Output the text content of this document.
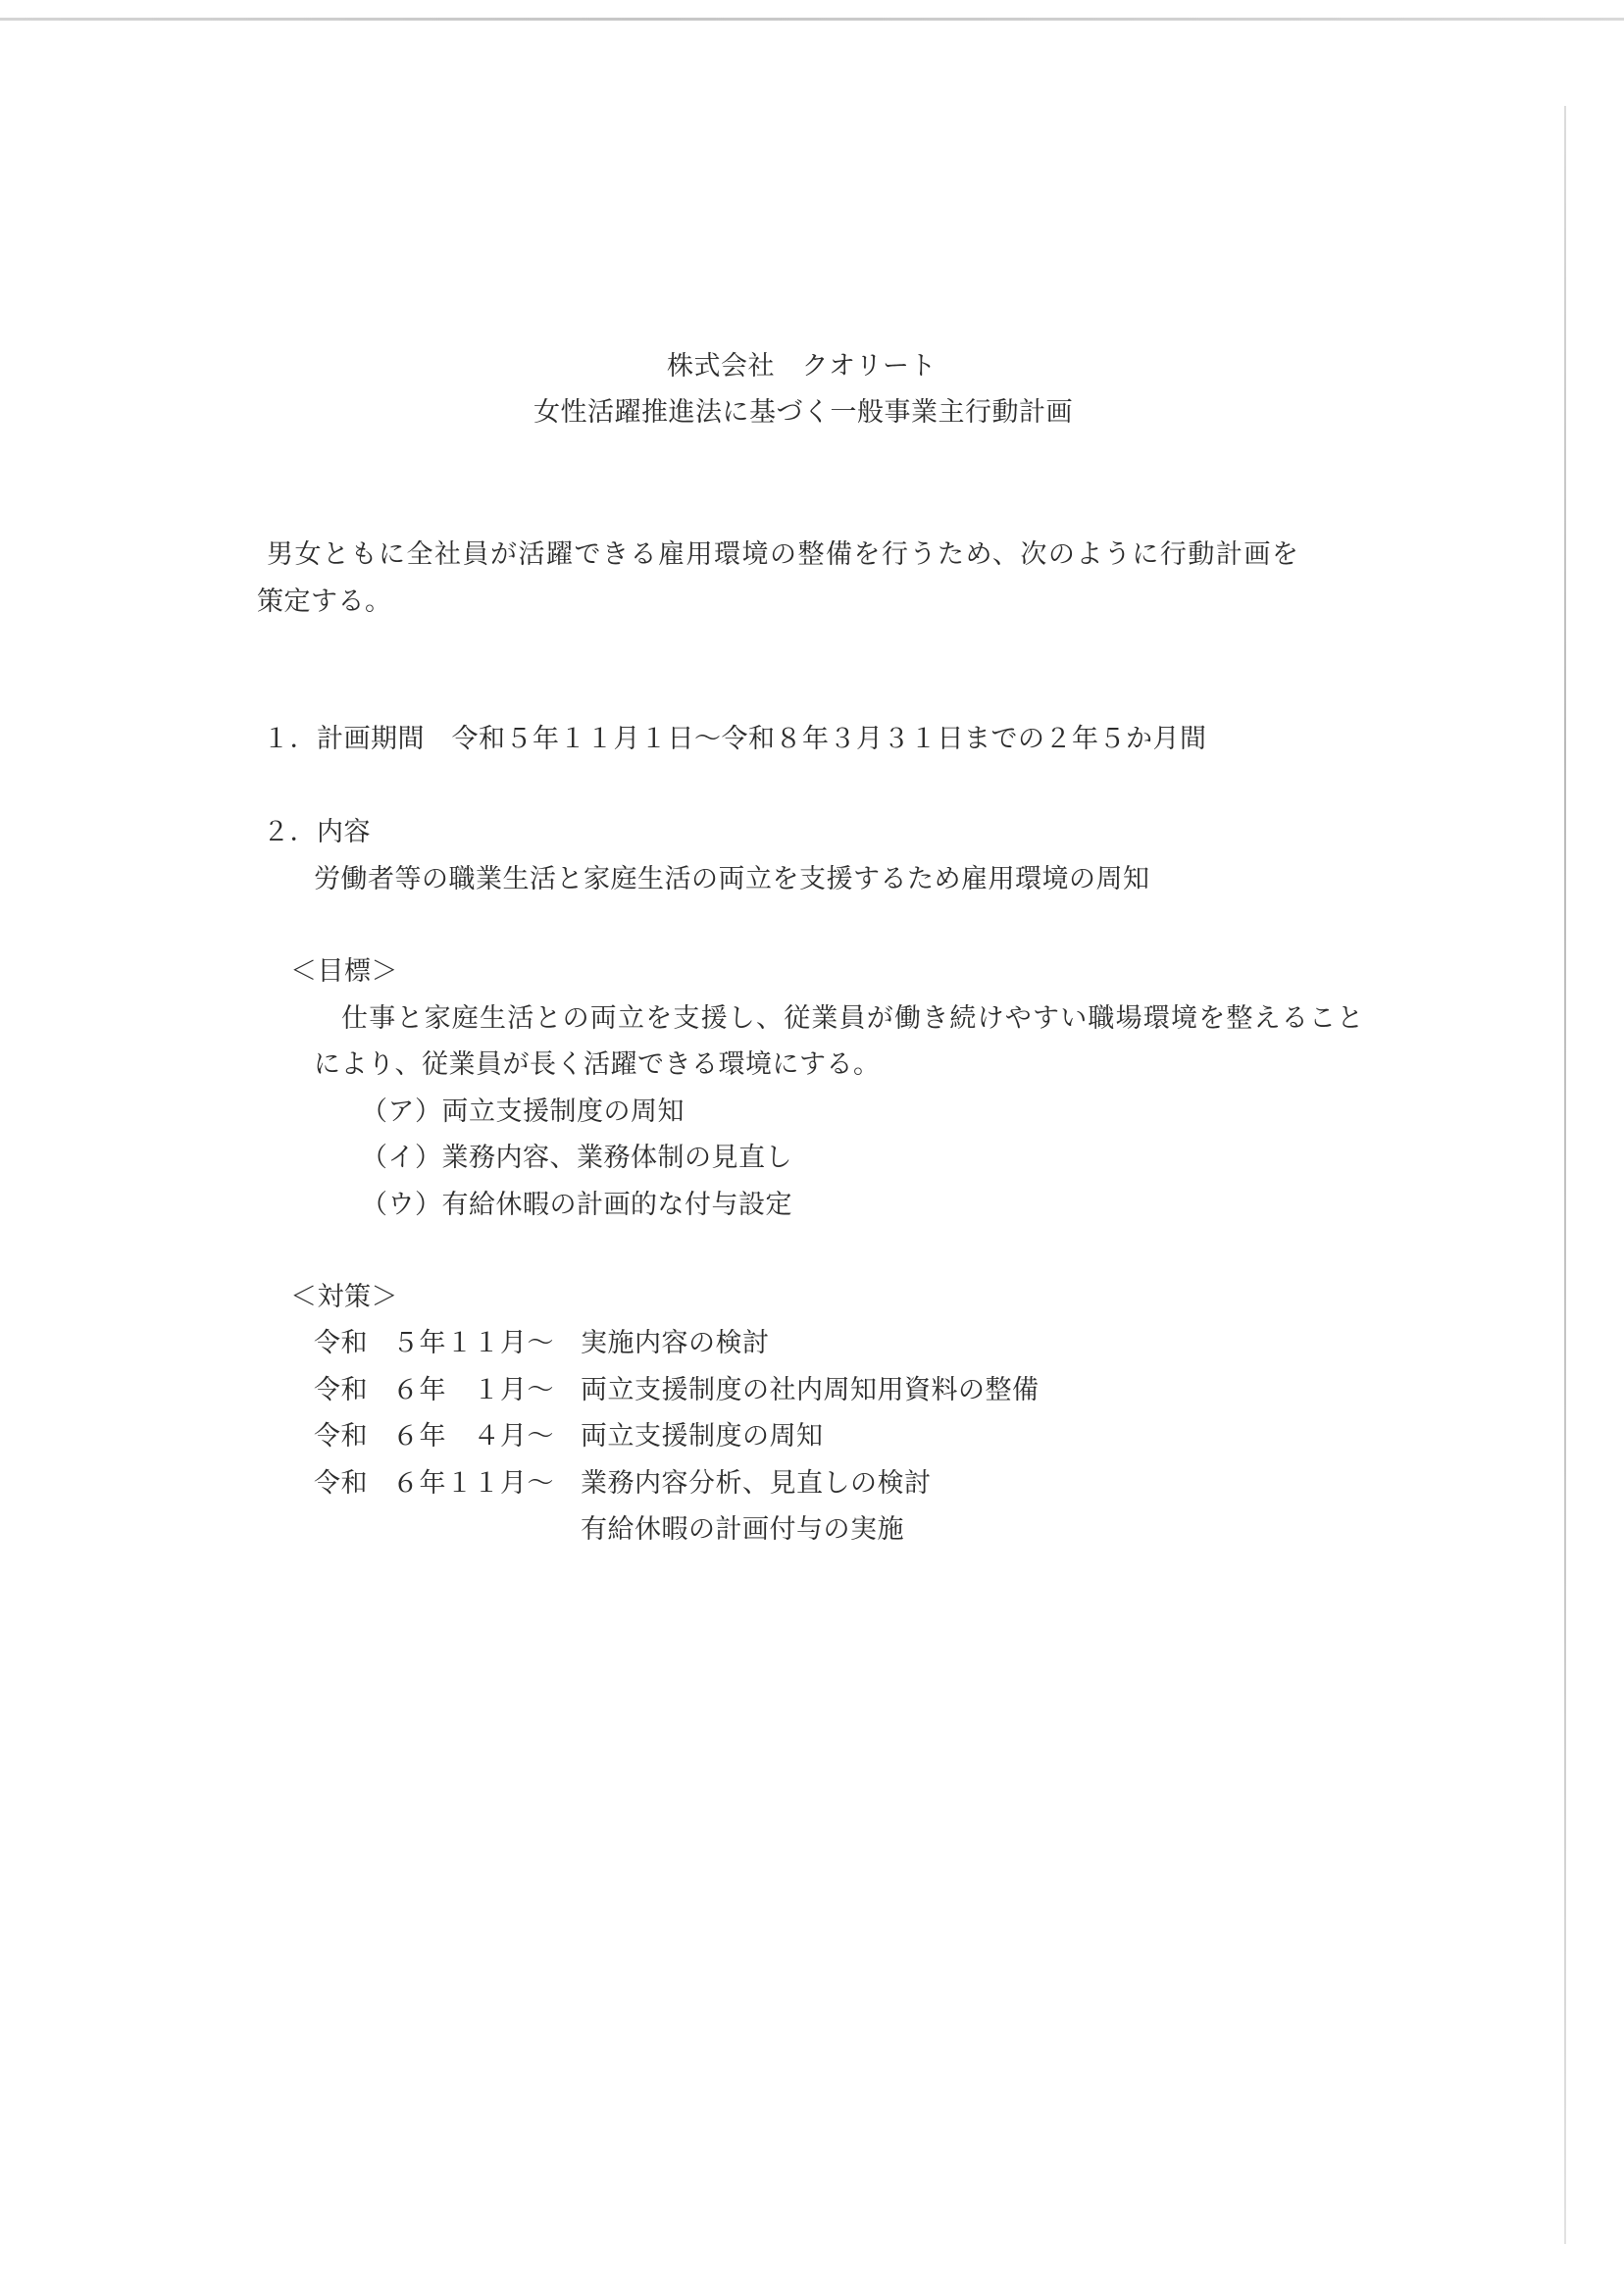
株式会社　クオリート
女性活躍推進法に基づく一般事業主行動計画
男女ともに全社員が活躍できる雇用環境の整備を行うため、次のように行動計画を
策定する。
１．計画期間　令和５年１１月１日～令和８年３月３１日までの２年５か月間
２．内容
労働者等の職業生活と家庭生活の両立を支援するため雇用環境の周知
＜目標＞
仕事と家庭生活との両立を支援し、従業員が働き続けやすい職場環境を整えること
により、従業員が長く活躍できる環境にする。
（ア）両立支援制度の周知
（イ）業務内容、業務体制の見直し
（ウ）有給休暇の計画的な付与設定
＜対策＞
令和 ５年１１月～ 実施内容の検討
令和 ６年　１月～ 両立支援制度の社内周知用資料の整備
令和 ６年　４月～ 両立支援制度の周知
令和 ６年１１月～ 業務内容分析、見直しの検討
有給休暇の計画付与の実施
